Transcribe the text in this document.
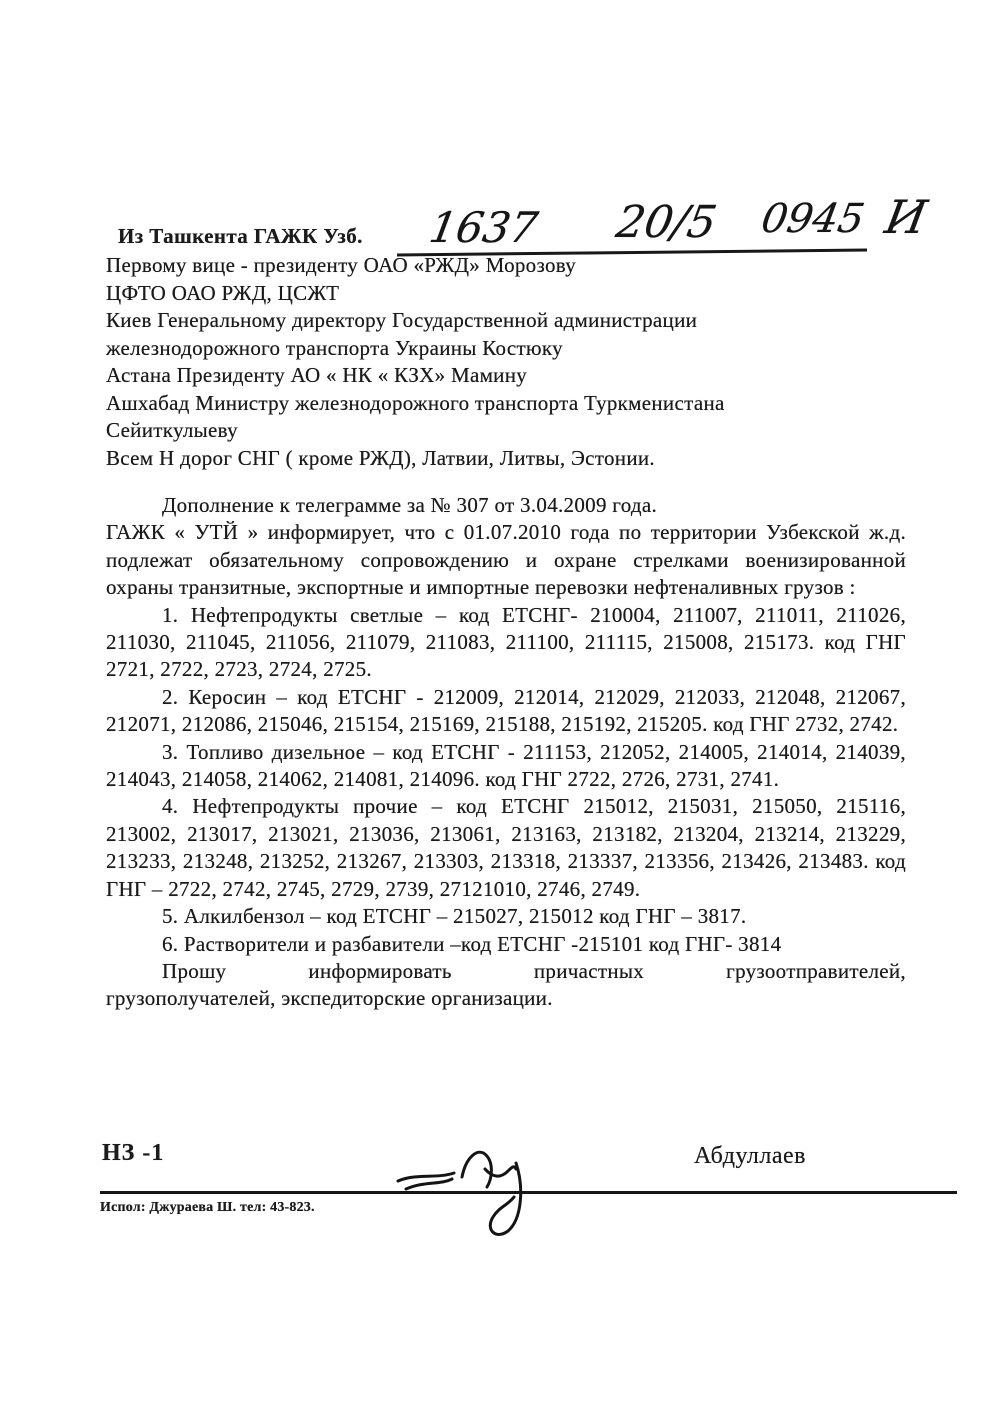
Из Ташкента ГАЖК Узб. 1637 20/5 0945 И
Первому вице - президенту ОАО «РЖД» Морозову
ЦФТО ОАО РЖД, ЦСЖТ
Киев Генеральному директору Государственной администрации
железнодорожного транспорта Украины Костюку
Астана Президенту АО « НК « КЗХ» Мамину
Ашхабад Министру железнодорожного транспорта Туркменистана
Сейиткулыеву
Всем Н дорог СНГ ( кроме РЖД), Латвии, Литвы, Эстонии.

Дополнение к телеграмме за № 307 от 3.04.2009 года.

ГАЖК « УТЙ » информирует, что с 01.07.2010 года по территории Узбекской ж.д. подлежат обязательному сопровождению и охране стрелками военизированной охраны транзитные, экспортные и импортные перевозки нефтеналивных грузов :

1. Нефтепродукты светлые – код ЕТСНГ- 210004, 211007, 211011, 211026, 211030, 211045, 211056, 211079, 211083, 211100, 211115, 215008, 215173. код ГНГ 2721, 2722, 2723, 2724, 2725.

2. Керосин – код ЕТСНГ - 212009, 212014, 212029, 212033, 212048, 212067, 212071, 212086, 215046, 215154, 215169, 215188, 215192, 215205. код ГНГ 2732, 2742.

3. Топливо дизельное – код ЕТСНГ - 211153, 212052, 214005, 214014, 214039, 214043, 214058, 214062, 214081, 214096. код ГНГ 2722, 2726, 2731, 2741.

4. Нефтепродукты прочие – код ЕТСНГ 215012, 215031, 215050, 215116, 213002, 213017, 213021, 213036, 213061, 213163, 213182, 213204, 213214, 213229, 213233, 213248, 213252, 213267, 213303, 213318, 213337, 213356, 213426, 213483. код ГНГ – 2722, 2742, 2745, 2729, 2739, 27121010, 2746, 2749.

5. Алкилбензол – код ЕТСНГ – 215027, 215012 код ГНГ – 3817.

6. Растворители и разбавители –код ЕТСНГ -215101 код ГНГ- 3814

Прошу информировать причастных грузоотправителей,

грузополучателей, экспедиторские организации.

НЗ -1	Абдуллаев
Испол: Джураева Ш. тел: 43-823.
